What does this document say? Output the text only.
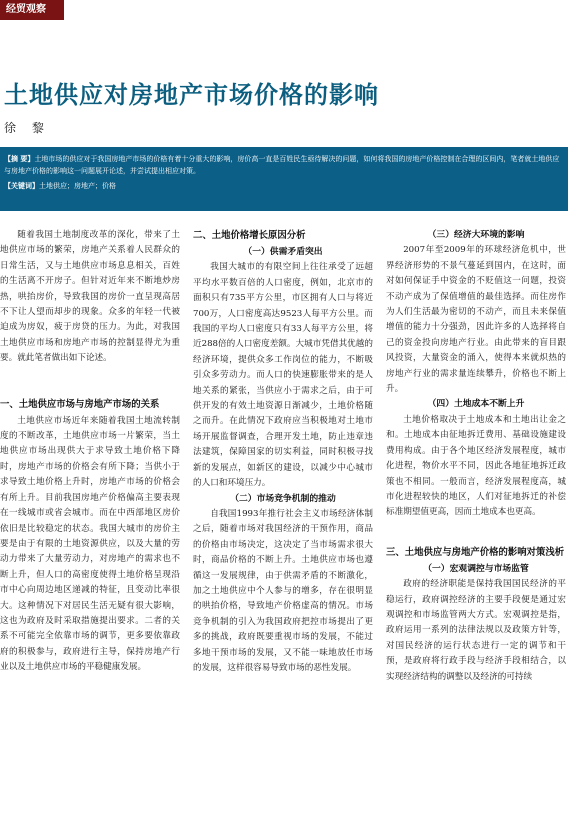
经贸观察
土地供应对房地产市场价格的影响
徐 黎

【摘 要】土地市场的供应对于我国房地产市场的价格有着十分重大的影响，房价高一直是百姓民生亟待解决的问题，如何将我国的房地产价格控制在合理的区间内，笔者就土地供应与房地产价格的影响这一问题展开论述，并尝试提出相应对策。

【关键词】土地供应；房地产；价格

随着我国土地制度改革的深化，带来了土地供应市场的繁荣，房地产关系着人民群众的日常生活，又与土地供应市场息息相关，百姓的生活离不开房子。但针对近年来不断地炒房热，哄抬房价，导致我国的房价一直呈现高居不下让人望而却步的现象。众多的年轻一代被迫成为房奴，疲于房贷的压力。为此，对我国土地供应市场和房地产市场的控制显得尤为重要。就此笔者做出如下论述。

一、土地供应市场与房地产市场的关系

土地供应市场近年来随着我国土地流转制度的不断改革，土地供应市场一片繁荣，当土地供应市场出现供大于求导致土地价格下降时，房地产市场的价格会有所下降；当供小于求导致土地价格上升时，房地产市场的价格会有所上升。目前我国房地产价格偏高主要表现在一线城市或省会城市。而在中西部地区房价依旧是比较稳定的状态。我国大城市的房价主要是由于有限的土地资源供应，以及大量的劳动力带来了大量劳动力，对房地产的需求也不断上升，但人口的高密度使得土地价格呈现沿市中心向周边地区递减的特征，且变动比率很大。这种情况下对居民生活无疑有很大影响，这也为政府及时采取措施提出要求。二者的关系不可能完全依靠市场的调节，更多要依靠政府的积极参与，政府进行主导，保持房地产行业以及土地供应市场的平稳健康发展。

二、土地价格增长原因分析
（一）供需矛盾突出

我国大城市的有限空间上往往承受了远超平均水平数百倍的人口密度，例如，北京市的面积只有735平方公里，市区拥有人口与将近700万，人口密度高达9523人每平方公里。而我国的平均人口密度只有33人每平方公里，将近288倍的人口密度差额。大城市凭借其优越的经济环境，提供众多工作岗位的能力，不断吸引众多劳动力。而人口的快速膨胀带来的是人地关系的紧张，当供应小于需求之后，由于可供开发的有效土地资源日渐减少，土地价格随之而升。在此情况下政府应当积极地对土地市场开展监督调查，合理开发土地，防止违章违法建筑，保障国家的切实利益，同时积极寻找新的发展点，如新区的建设，以减少中心城市的人口和环境压力。

（二）市场竞争机制的推动

自我国1993年推行社会主义市场经济体制之后，随着市场对我国经济的干预作用，商品的价格由市场决定，这决定了当市场需求很大时，商品价格的不断上升。土地供应市场也遵循这一发展规律，由于供需矛盾的不断激化，加之土地供应中个人参与的增多，存在很明显的哄抬价格，导致地产价格虚高的情况。市场竞争机制的引入为我国政府把控市场提出了更多的挑战，政府既要重视市场的发展，不能过多地干预市场的发展，又不能一味地放任市场的发展，这样很容易导致市场的恶性发展。

（三）经济大环境的影响

2007年至2009年的环球经济危机中，世界经济形势的不景气蔓延到国内，在这时，面对如何保证手中资金的不贬值这一问题，投资不动产成为了保值增值的最佳选择。而住房作为人们生活最为密切的不动产，而且未来保值增值的能力十分强劲，因此许多的人选择将自己的资金投向房地产行业。由此带来的盲目跟风投资，大量资金的涌入，使得本来就炽热的房地产行业的需求量连续攀升，价格也不断上升。

（四）土地成本不断上升

土地价格取决于土地成本和土地出让金之和。土地成本由征地拆迁费用、基础设施建设费用构成。由于各个地区经济发展程度，城市化进程，物价水平不同，因此各地征地拆迁政策也不相同。一般而言，经济发展程度高，城市化进程较快的地区，人们对征地拆迁的补偿标准期望值更高，因而土地成本也更高。

三、土地供应与房地产价格的影响对策浅析
（一）宏观调控与市场监管

政府的经济职能是保持我国国民经济的平稳运行，政府调控经济的主要手段便是通过宏观调控和市场监管两大方式。宏观调控是指，政府运用一系列的法律法规以及政策方针等，对国民经济的运行状态进行一定的调节和干预，是政府将行政手段与经济手段相结合，以实现经济结构的调整以及经济的可持续
